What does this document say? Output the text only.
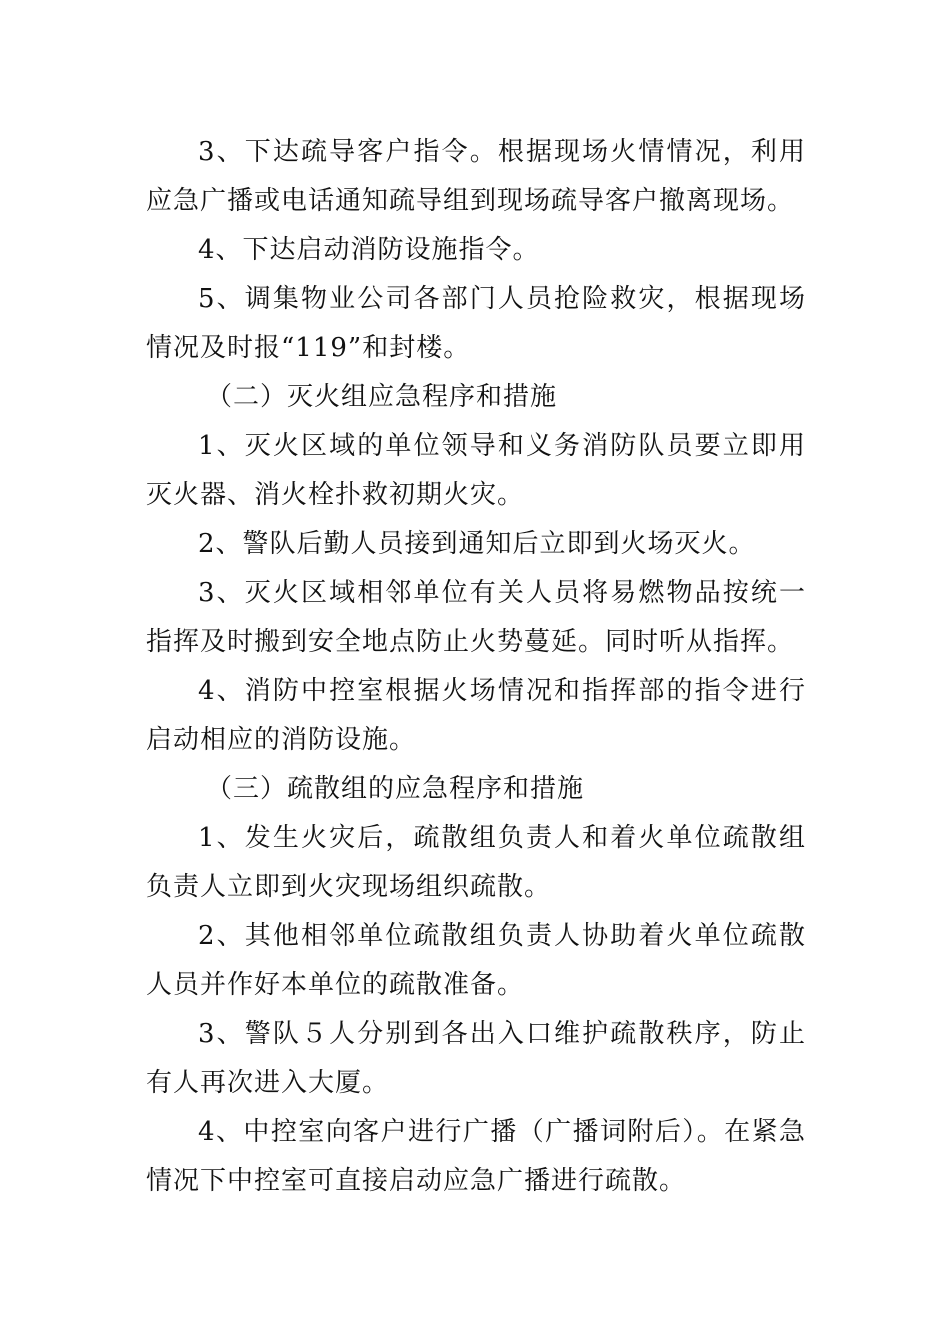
3、下达疏导客户指令。根据现场火情情况，利用应急广播或电话通知疏导组到现场疏导客户撤离现场。

4、下达启动消防设施指令。

5、调集物业公司各部门人员抢险救灾，根据现场情况及时报“119”和封楼。

（二）灭火组应急程序和措施

1、灭火区域的单位领导和义务消防队员要立即用灭火器、消火栓扑救初期火灾。

2、警队后勤人员接到通知后立即到火场灭火。

3、灭火区域相邻单位有关人员将易燃物品按统一指挥及时搬到安全地点防止火势蔓延。同时听从指挥。

4、消防中控室根据火场情况和指挥部的指令进行启动相应的消防设施。

（三）疏散组的应急程序和措施

1、发生火灾后，疏散组负责人和着火单位疏散组负责人立即到火灾现场组织疏散。

2、其他相邻单位疏散组负责人协助着火单位疏散人员并作好本单位的疏散准备。

3、警队５人分别到各出入口维护疏散秩序，防止有人再次进入大厦。

4、中控室向客户进行广播（广播词附后）。在紧急情况下中控室可直接启动应急广播进行疏散。
